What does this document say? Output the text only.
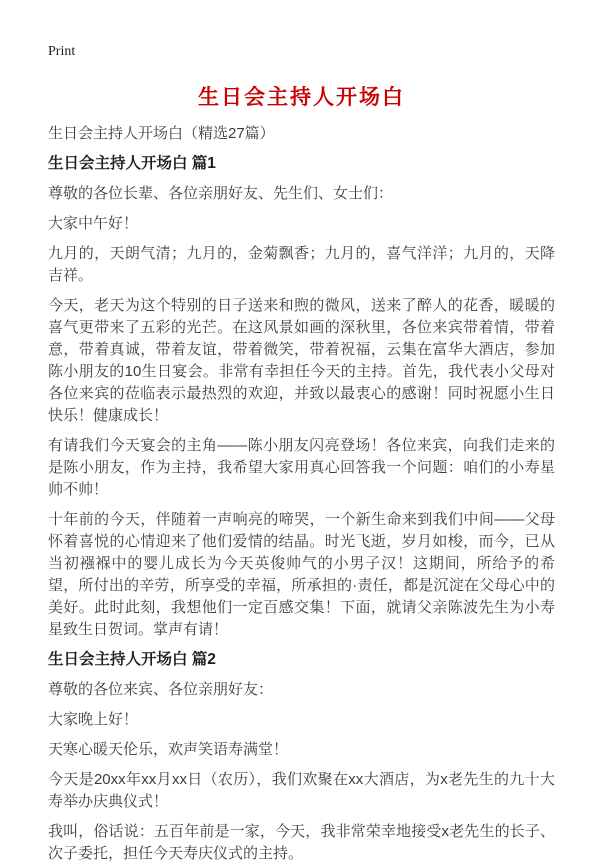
Print
生日会主持人开场白

生日会主持人开场白（精选27篇）

生日会主持人开场白 篇1

尊敬的各位长辈、各位亲朋好友、先生们、女士们：

大家中午好！

九月的，天朗气清；九月的，金菊飘香；九月的，喜气洋洋；九月的，天降吉祥。

今天，老天为这个特别的日子送来和煦的微风，送来了醉人的花香，暖暖的喜气更带来了五彩的光芒。在这风景如画的深秋里，各位来宾带着情，带着意，带着真诚，带着友谊，带着微笑，带着祝福，云集在富华大酒店，参加陈小朋友的10生日宴会。非常有幸担任今天的主持。首先，我代表小父母对各位来宾的莅临表示最热烈的欢迎，并致以最衷心的感谢！同时祝愿小生日快乐！健康成长！

有请我们今天宴会的主角——陈小朋友闪亮登场！各位来宾，向我们走来的是陈小朋友，作为主持，我希望大家用真心回答我一个问题：咱们的小寿星帅不帅！

十年前的今天，伴随着一声响亮的啼哭，一个新生命来到我们中间——父母怀着喜悦的心情迎来了他们爱情的结晶。时光飞逝，岁月如梭，而今，已从当初襁褓中的婴儿成长为今天英俊帅气的小男子汉！这期间，所给予的希望，所付出的辛劳，所享受的幸福，所承担的·责任，都是沉淀在父母心中的美好。此时此刻，我想他们一定百感交集！下面，就请父亲陈波先生为小寿星致生日贺词。掌声有请！

生日会主持人开场白 篇2

尊敬的各位来宾、各位亲朋好友：

大家晚上好！

天寒心暖天伦乐，欢声笑语寿满堂！

今天是20xx年xx月xx日（农历），我们欢聚在xx大酒店，为x老先生的九十大寿举办庆典仪式！

我叫，俗话说：五百年前是一家，今天，我非常荣幸地接受x老先生的长子、次子委托，担任今天寿庆仪式的主持。
